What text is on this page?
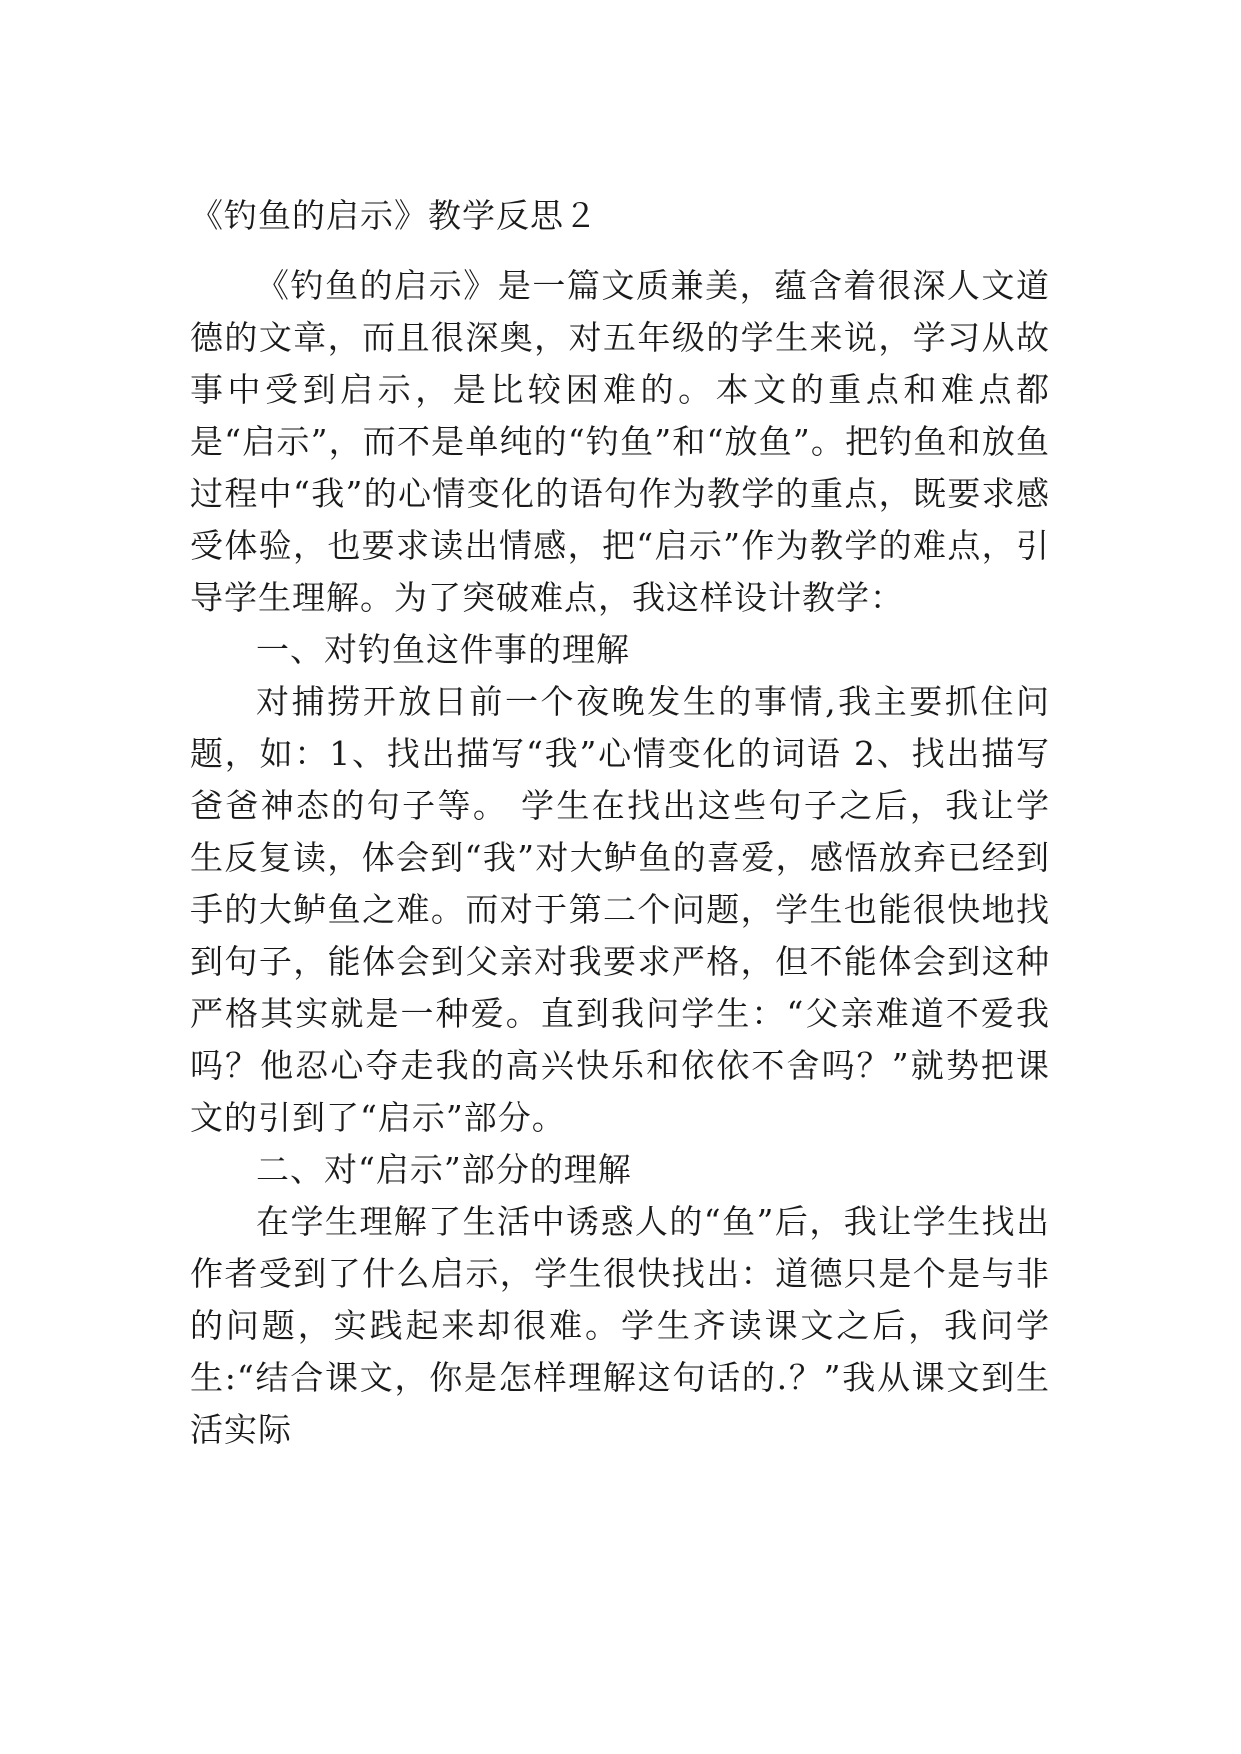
《钓鱼的启示》教学反思２

《钓鱼的启示》是一篇文质兼美，蕴含着很深人文道德的文章，而且很深奥，对五年级的学生来说，学习从故事中受到启示，是比较困难的。本文的重点和难点都是“启示”，而不是单纯的“钓鱼”和“放鱼”。把钓鱼和放鱼过程中“我”的心情变化的语句作为教学的重点，既要求感受体验，也要求读出情感，把“启示”作为教学的难点，引导学生理解。为了突破难点，我这样设计教学：

一、对钓鱼这件事的理解

对捕捞开放日前一个夜晚发生的事情,我主要抓住问题，如：1、找出描写“我”心情变化的词语 2、找出描写爸爸神态的句子等。 学生在找出这些句子之后，我让学生反复读，体会到“我”对大鲈鱼的喜爱，感悟放弃已经到手的大鲈鱼之难。而对于第二个问题，学生也能很快地找到句子，能体会到父亲对我要求严格，但不能体会到这种严格其实就是一种爱。直到我问学生：“父亲难道不爱我吗？他忍心夺走我的高兴快乐和依依不舍吗？”就势把课文的引到了“启示”部分。

二、对“启示”部分的理解

在学生理解了生活中诱惑人的“鱼”后，我让学生找出作者受到了什么启示，学生很快找出：道德只是个是与非的问题，实践起来却很难。学生齐读课文之后，我问学生:“结合课文，你是怎样理解这句话的.？”我从课文到生活实际
